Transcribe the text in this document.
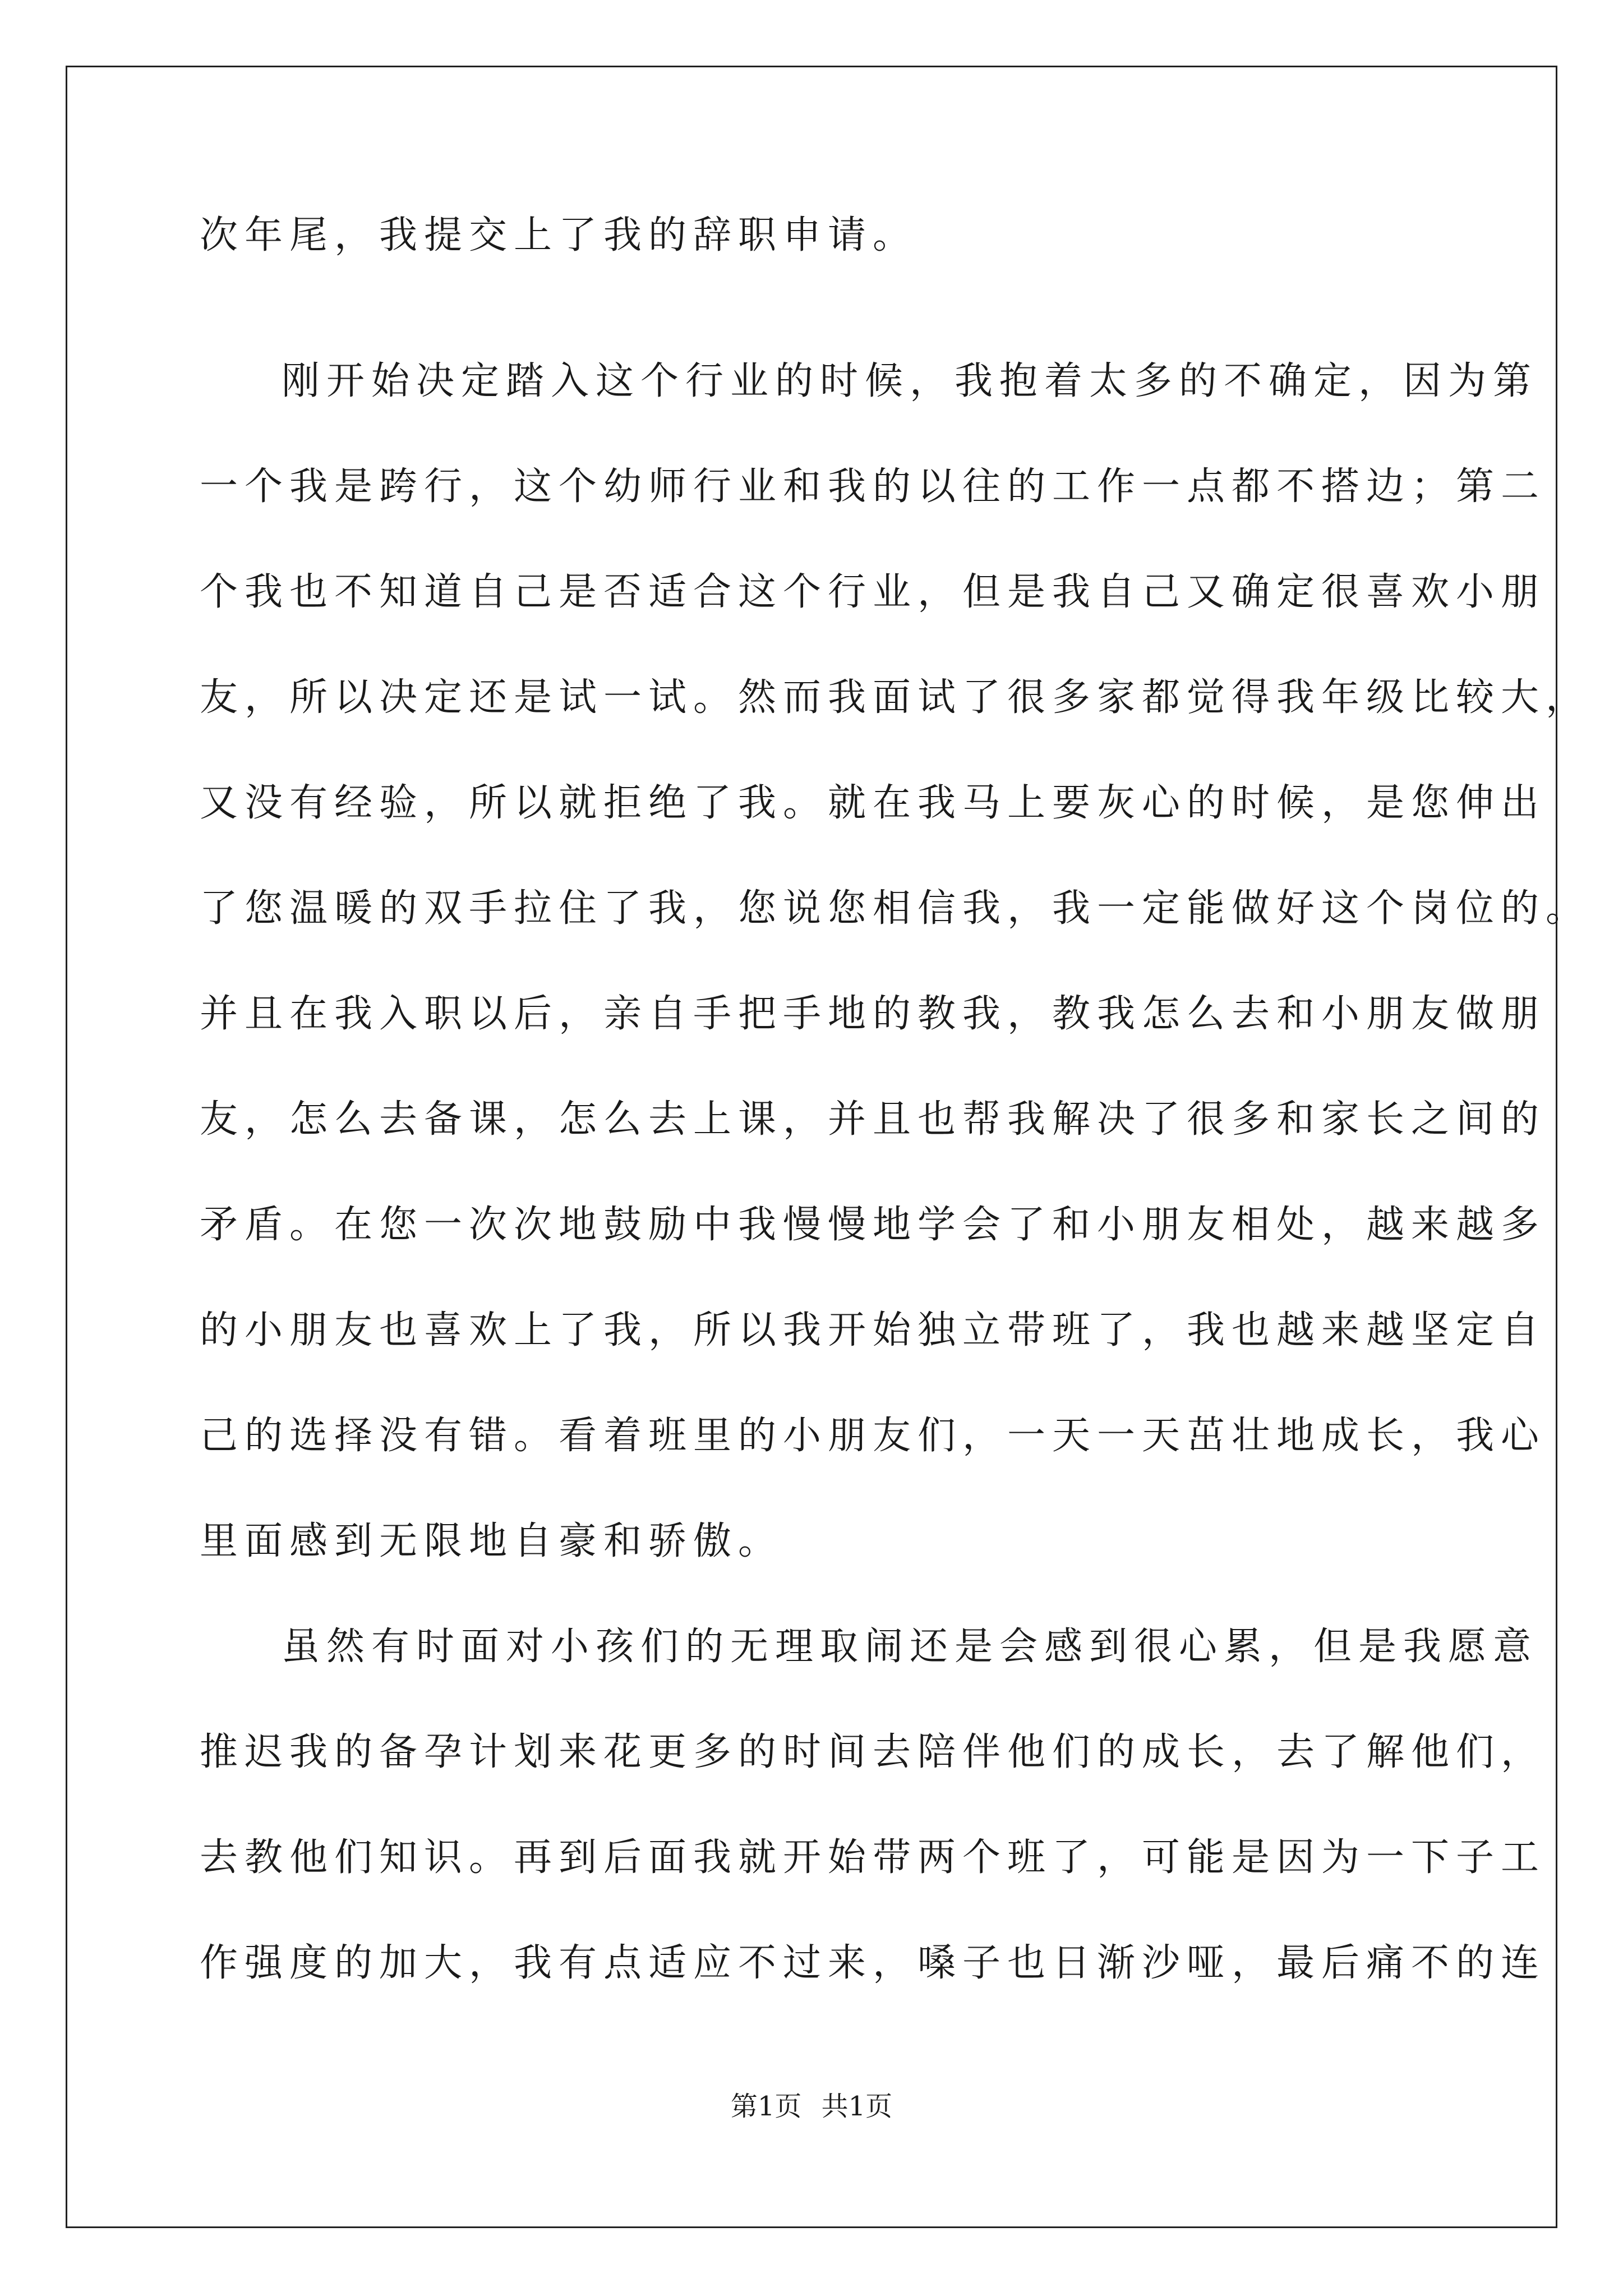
次年尾，我提交上了我的辞职申请。
刚开始决定踏入这个行业的时候，我抱着太多的不确定，因为第
一个我是跨行，这个幼师行业和我的以往的工作一点都不搭边；第二
个我也不知道自己是否适合这个行业，但是我自己又确定很喜欢小朋
友，所以决定还是试一试。然而我面试了很多家都觉得我年级比较大，
又没有经验，所以就拒绝了我。就在我马上要灰心的时候，是您伸出
了您温暖的双手拉住了我，您说您相信我，我一定能做好这个岗位的。
并且在我入职以后，亲自手把手地的教我，教我怎么去和小朋友做朋
友，怎么去备课，怎么去上课，并且也帮我解决了很多和家长之间的
矛盾。在您一次次地鼓励中我慢慢地学会了和小朋友相处，越来越多
的小朋友也喜欢上了我，所以我开始独立带班了，我也越来越坚定自
己的选择没有错。看着班里的小朋友们，一天一天茁壮地成长，我心
里面感到无限地自豪和骄傲。
虽然有时面对小孩们的无理取闹还是会感到很心累，但是我愿意
推迟我的备孕计划来花更多的时间去陪伴他们的成长，去了解他们，
去教他们知识。再到后面我就开始带两个班了，可能是因为一下子工
作强度的加大，我有点适应不过来，嗓子也日渐沙哑，最后痛不的连
第1页 共1页
